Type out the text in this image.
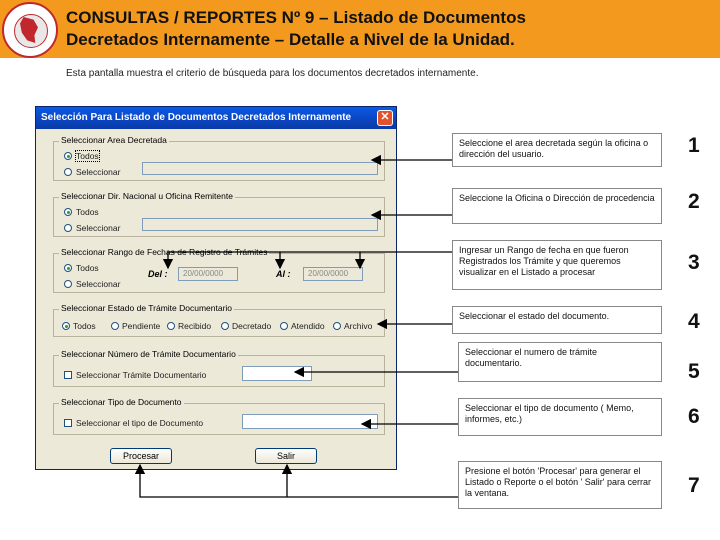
CONSULTAS / REPORTES Nº 9 – Listado de Documentos
Decretados Internamente – Detalle a Nivel de la Unidad.
Esta pantalla muestra el criterio de búsqueda para los documentos decretados internamente.
Selección Para Listado de Documentos Decretados Internamente	✕
Seleccionar Area Decretada
Todos
Seleccionar
Seleccionar Dir. Nacional u Oficina Remitente
Todos
Seleccionar
Seleccionar Rango de Fechas de Registro de Trámites
Todos
Seleccionar
Del :	20/00/0000	Al :	20/00/0000
Seleccionar Estado de Trámite Documentario
Todos	Pendiente Recibido Decretado Atendido Archivo
Seleccionar Número de Trámite Documentario
Seleccionar Trámite Documentario
Seleccionar Tipo de Documento
Seleccionar el tipo de Documento
Procesar	Salir
Seleccione el area decretada según la oficina o dirección del usuario.
Seleccione la Oficina o Dirección de procedencia
Ingresar un Rango de fecha en que fueron Registrados los Trámite y que queremos visualizar en el Listado a procesar
Seleccionar el estado del documento.
Seleccionar el numero de trámite documentario.
Seleccionar el tipo de documento ( Memo, informes, etc.)
Presione el botón 'Procesar' para generar el Listado o Reporte o el botón ' Salir' para cerrar la ventana.
1
2
3
4
5
6
7
